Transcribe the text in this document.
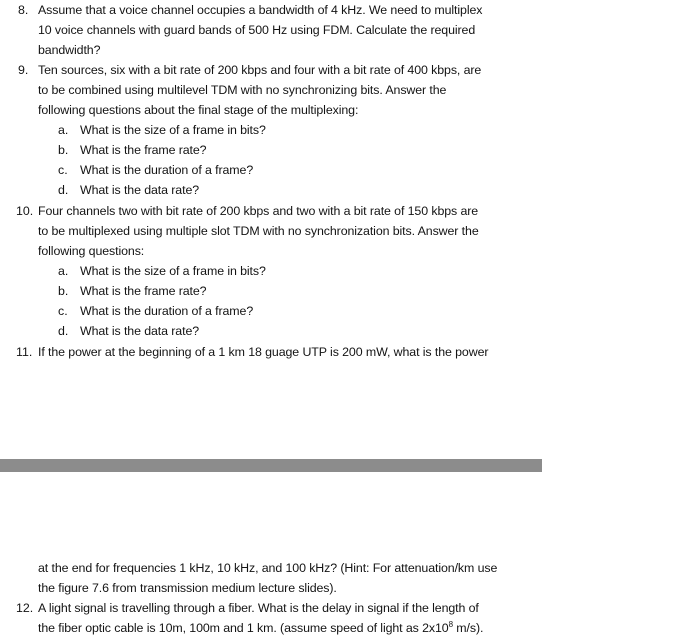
8. Assume that a voice channel occupies a bandwidth of 4 kHz. We need to multiplex
10 voice channels with guard bands of 500 Hz using FDM. Calculate the required
bandwidth?
9. Ten sources, six with a bit rate of 200 kbps and four with a bit rate of 400 kbps, are
to be combined using multilevel TDM with no synchronizing bits. Answer the
following questions about the final stage of the multiplexing:
a. What is the size of a frame in bits?
b. What is the frame rate?
c. What is the duration of a frame?
d. What is the data rate?
10. Four channels two with bit rate of 200 kbps and two with a bit rate of 150 kbps are
to be multiplexed using multiple slot TDM with no synchronization bits. Answer the
following questions:
a. What is the size of a frame in bits?
b. What is the frame rate?
c. What is the duration of a frame?
d. What is the data rate?
11. If the power at the beginning of a 1 km 18 guage UTP is 200 mW, what is the power
at the end for frequencies 1 kHz, 10 kHz, and 100 kHz? (Hint: For attenuation/km use
the figure 7.6 from transmission medium lecture slides).
12. A light signal is travelling through a fiber. What is the delay in signal if the length of
the fiber optic cable is 10m, 100m and 1 km. (assume speed of light as $2x10^8$ m/s).
